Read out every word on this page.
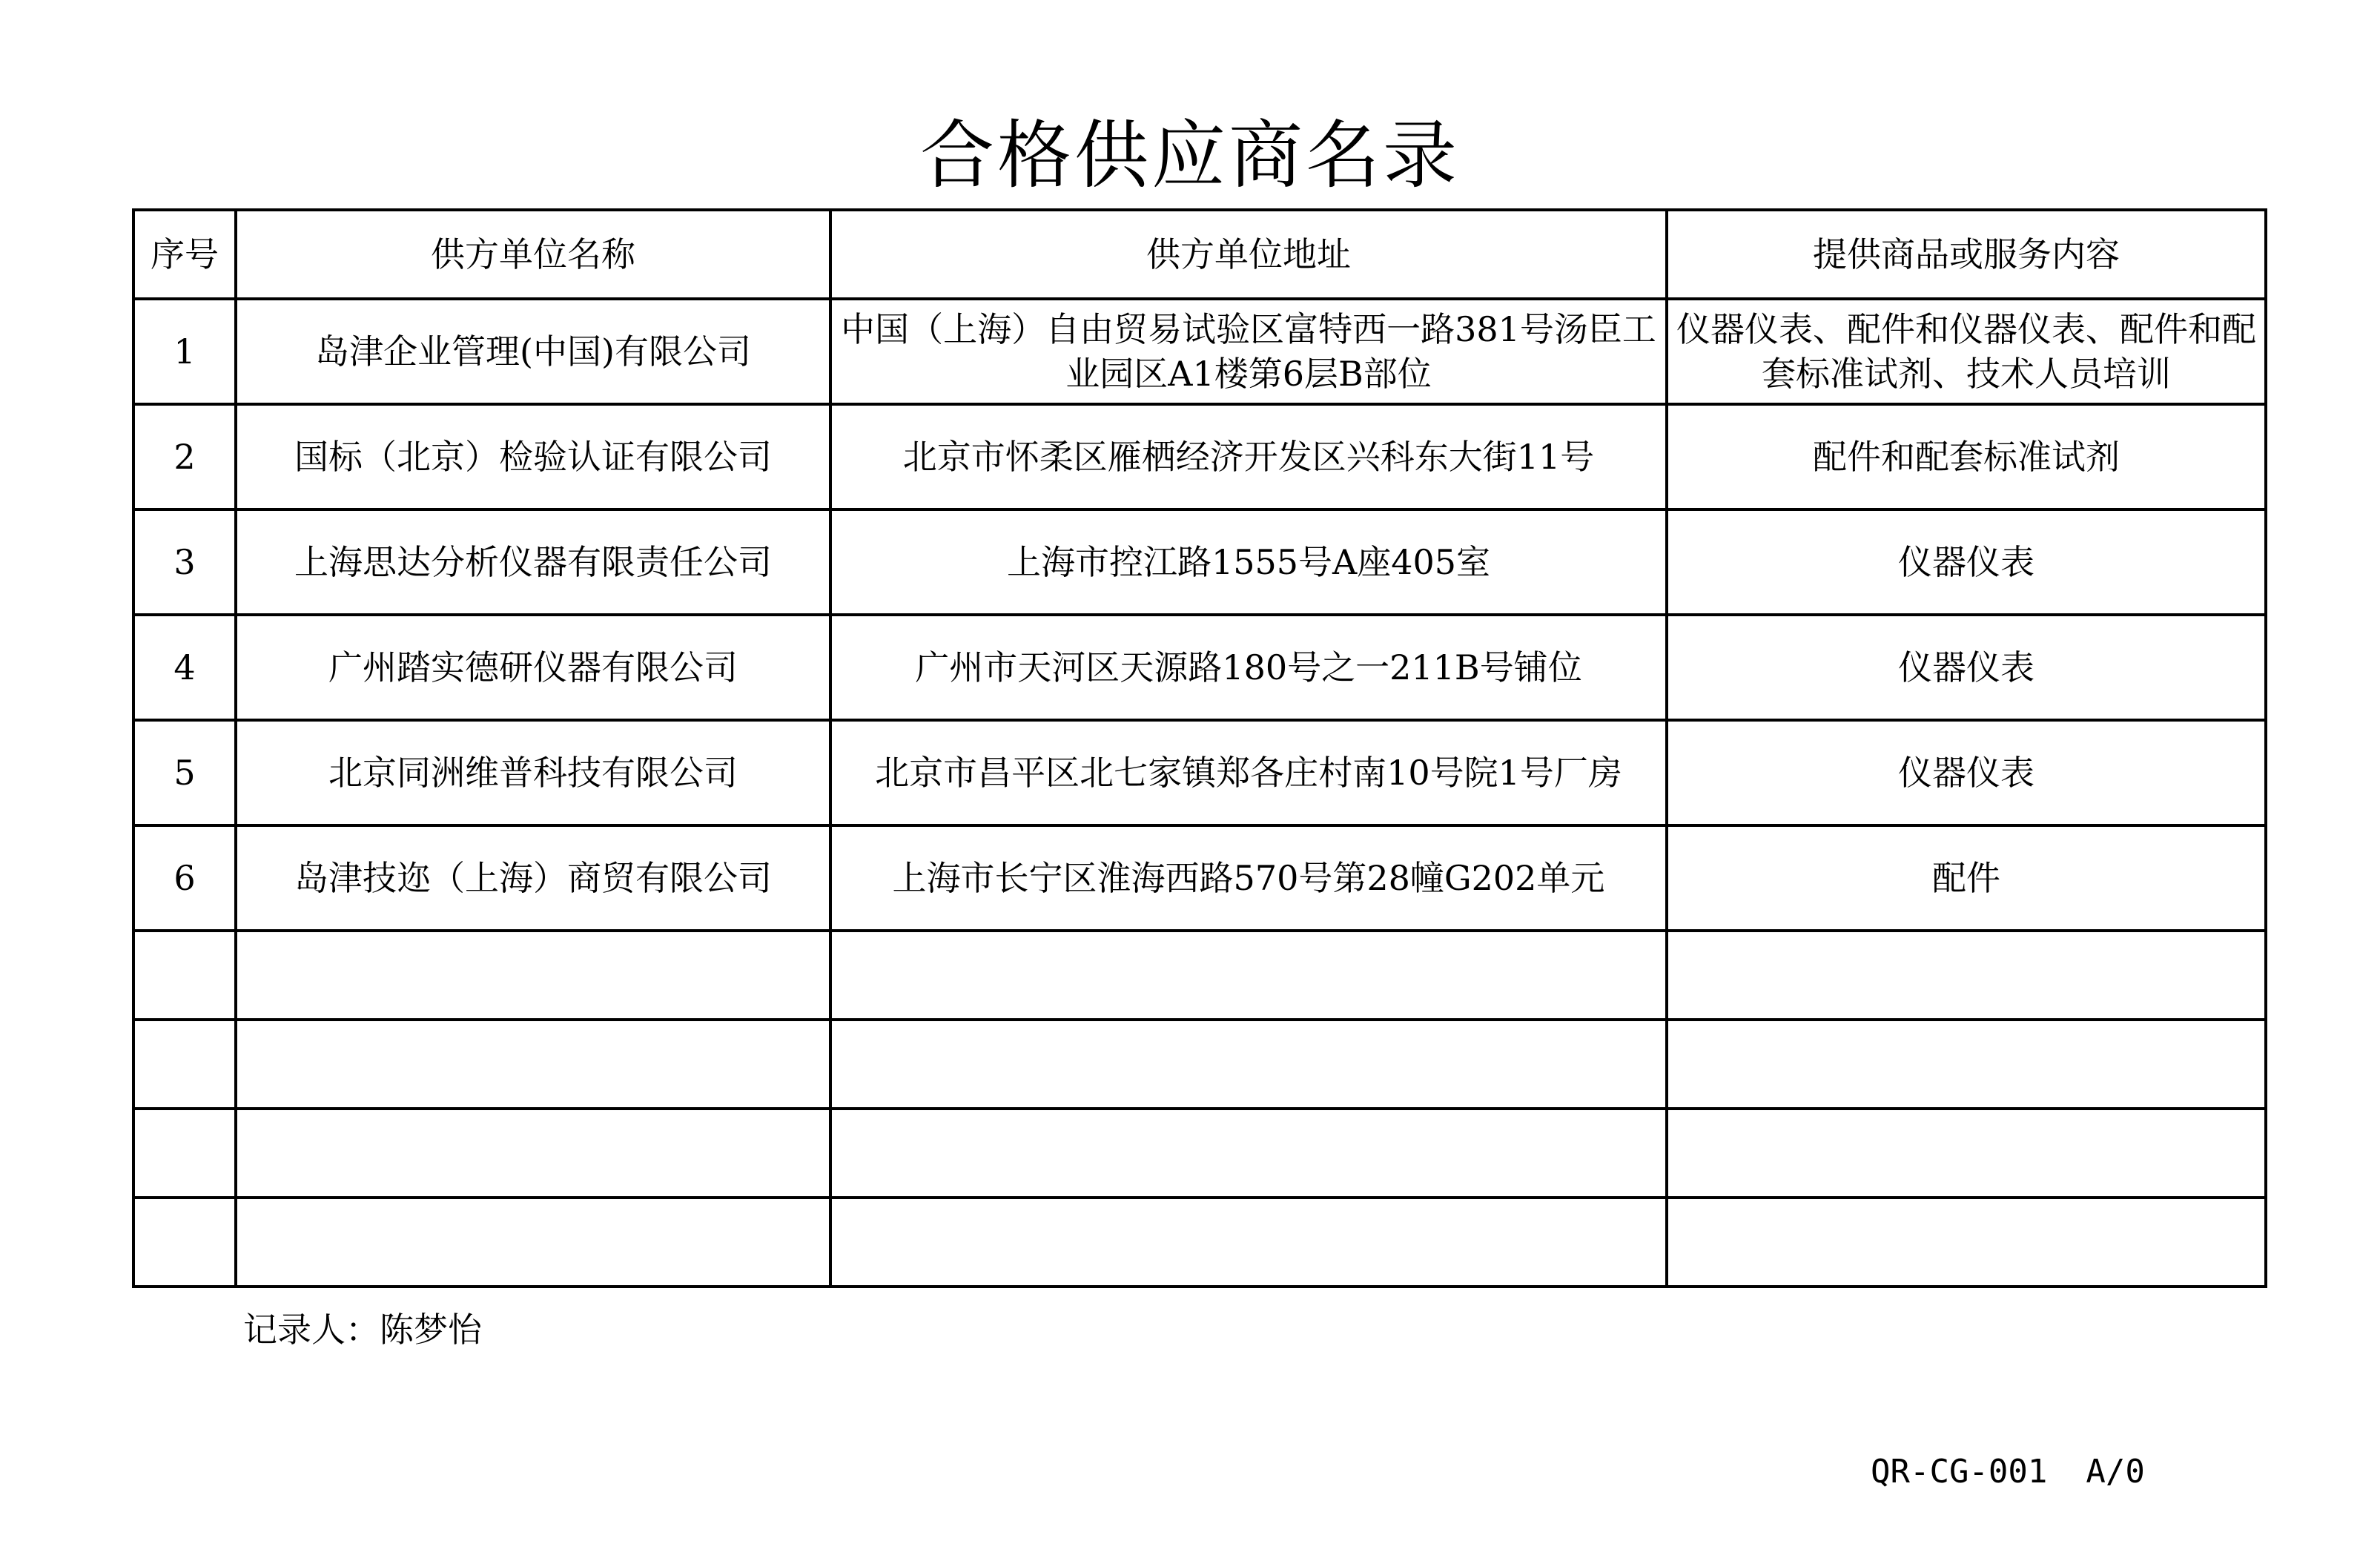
合格供应商名录
序号	供方单位名称	供方单位地址	提供商品或服务内容
1	岛津企业管理(中国)有限公司	中国（上海）自由贸易试验区富特西一路381号汤臣工业园区A1楼第6层B部位	仪器仪表、配件和仪器仪表、配件和配套标准试剂、技术人员培训
2	国标（北京）检验认证有限公司	北京市怀柔区雁栖经济开发区兴科东大街11号	配件和配套标准试剂
3	上海思达分析仪器有限责任公司	上海市控江路1555号A座405室	仪器仪表
4	广州踏实德研仪器有限公司	广州市天河区天源路180号之一211B号铺位	仪器仪表
5	北京同洲维普科技有限公司	北京市昌平区北七家镇郑各庄村南10号院1号厂房	仪器仪表
6	岛津技迩（上海）商贸有限公司	上海市长宁区淮海西路570号第28幢G202单元	配件

记录人：陈梦怡

QR-CG-001 A/0
